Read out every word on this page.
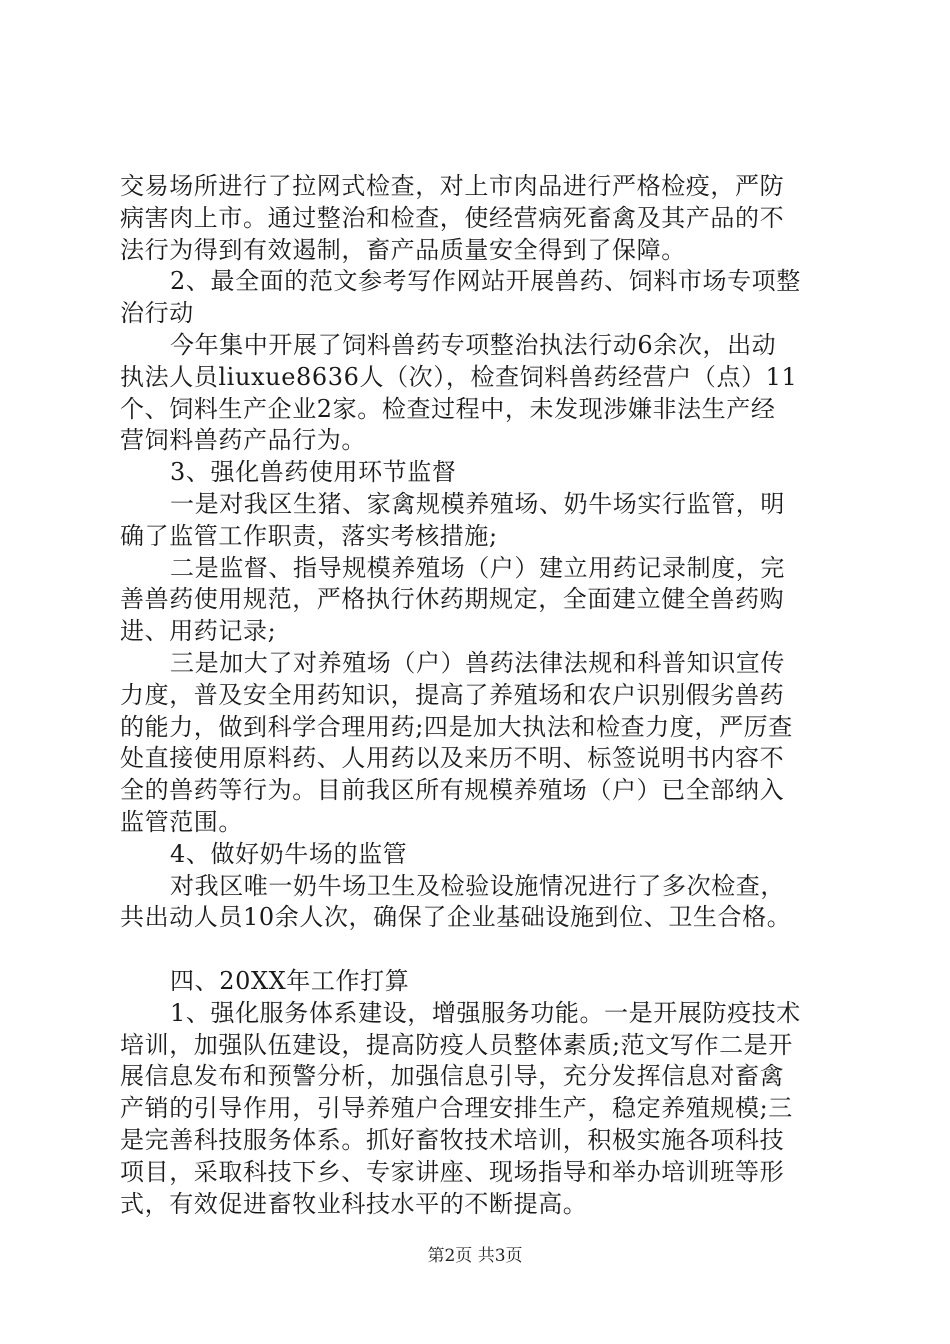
交易场所进行了拉网式检查，对上市肉品进行严格检疫，严防
病害肉上市。通过整治和检查，使经营病死畜禽及其产品的不
法行为得到有效遏制，畜产品质量安全得到了保障。
2、最全面的范文参考写作网站开展兽药、饲料市场专项整
治行动
今年集中开展了饲料兽药专项整治执法行动6余次，出动
执法人员liuxue8636人（次），检查饲料兽药经营户（点）11
个、饲料生产企业2家。检查过程中，未发现涉嫌非法生产经
营饲料兽药产品行为。
3、强化兽药使用环节监督
一是对我区生猪、家禽规模养殖场、奶牛场实行监管，明
确了监管工作职责，落实考核措施;
二是监督、指导规模养殖场（户）建立用药记录制度，完
善兽药使用规范，严格执行休药期规定，全面建立健全兽药购
进、用药记录;
三是加大了对养殖场（户）兽药法律法规和科普知识宣传
力度，普及安全用药知识，提高了养殖场和农户识别假劣兽药
的能力，做到科学合理用药;四是加大执法和检查力度，严厉查
处直接使用原料药、人用药以及来历不明、标签说明书内容不
全的兽药等行为。目前我区所有规模养殖场（户）已全部纳入
监管范围。
4、做好奶牛场的监管
对我区唯一奶牛场卫生及检验设施情况进行了多次检查，
共出动人员10余人次，确保了企业基础设施到位、卫生合格。
四、20XX年工作打算
1、强化服务体系建设，增强服务功能。一是开展防疫技术
培训，加强队伍建设，提高防疫人员整体素质;范文写作二是开
展信息发布和预警分析，加强信息引导，充分发挥信息对畜禽
产销的引导作用，引导养殖户合理安排生产，稳定养殖规模;三
是完善科技服务体系。抓好畜牧技术培训，积极实施各项科技
项目，采取科技下乡、专家讲座、现场指导和举办培训班等形
式，有效促进畜牧业科技水平的不断提高。
第2页 共3页
